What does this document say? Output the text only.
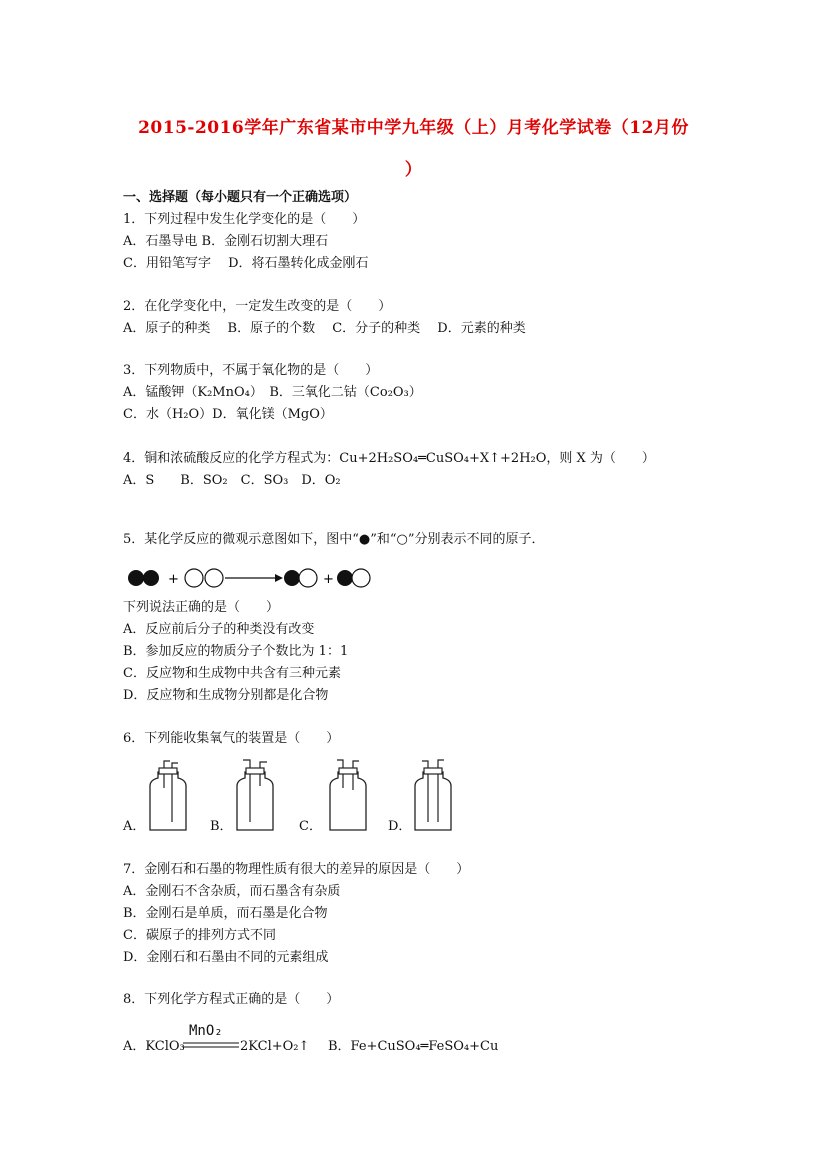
2015-2016学年广东省某市中学九年级（上）月考化学试卷（12月份
）
一、选择题（每小题只有一个正确选项）
1．下列过程中发生化学变化的是（　　）
A．石墨导电 B．金刚石切割大理石
C．用铅笔写字　 D．将石墨转化成金刚石
2．在化学变化中，一定发生改变的是（　　）
A．原子的种类　 B．原子的个数　 C．分子的种类　 D．元素的种类
3．下列物质中，不属于氧化物的是（　　）
A．锰酸钾（K₂MnO₄）　B．三氧化二钴（Co₂O₃）
C．水（H₂O）D．氧化镁（MgO）
4．铜和浓硫酸反应的化学方程式为：Cu+2H₂SO₄═CuSO₄+X↑+2H₂O，则 X 为（　　）
A．S　　B．SO₂　C．SO₃　D．O₂
5．某化学反应的微观示意图如下，图中“●”和“○”分别表示不同的原子．
+	+
下列说法正确的是（　　）
A．反应前后分子的种类没有改变
B．参加反应的物质分子个数比为 1：1
C．反应物和生成物中共含有三种元素
D．反应物和生成物分别都是化合物
6．下列能收集氧气的装置是（　　）
A．	B．	C．	D．
7．金刚石和石墨的物理性质有很大的差异的原因是（　　）
A．金刚石不含杂质，而石墨含有杂质
B．金刚石是单质，而石墨是化合物
C．碳原子的排列方式不同
D．金刚石和石墨由不同的元素组成
8．下列化学方程式正确的是（　　）
MnO₂
A．KClO₃	2KCl+O₂↑ B．Fe+CuSO₄═FeSO₄+Cu
